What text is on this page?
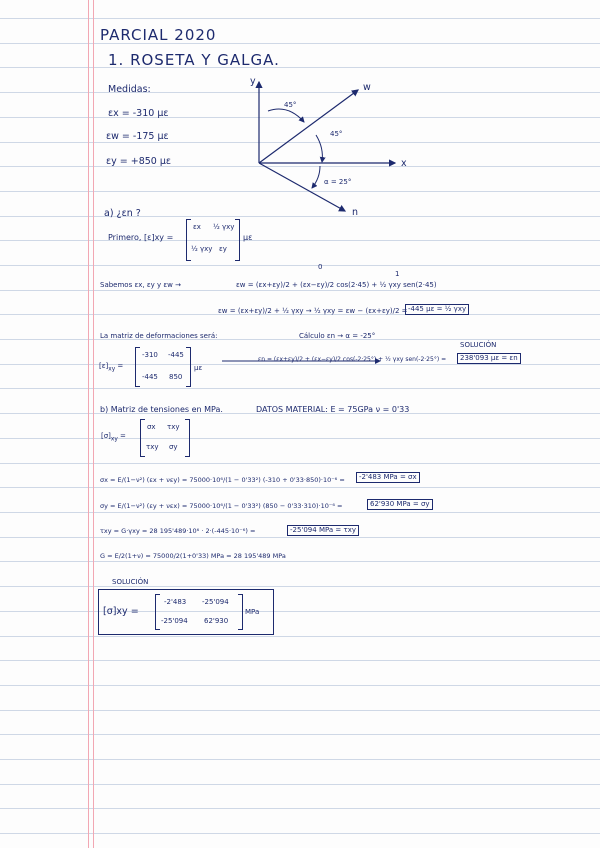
PARCIAL 2020
1. ROSETA Y GALGA.
Medidas:
εx = -310 με
εw = -175 με
εy = +850 με
y
x
w
n
45°
45°
α = 25°
a) ¿εn ?
Primero, [ε]xy =
εx ½ γxy
½ γxy εy
με
0
1
Sabemos εx, εy y εw →	εw = (εx+εy)/2 + (εx−εy)/2 cos(2·45) + ½ γxy sen(2·45)
εw = (εx+εy)/2 + ½ γxy → ½ γxy = εw − (εx+εy)/2 = -445 με = ½ γxy
La matriz de deformaciones será:	Cálculo εn → α = -25°
$[\varepsilon]_{xy}$ =
-310 -445
-445 850
με
SOLUCIÓN
εn = (εx+εy)/2 + (εx−εy)/2 cos(-2·25°) + ½ γxy sen(-2·25°) =	238'093 με = εn
b) Matriz de tensiones en MPa.	DATOS MATERIAL: E = 75GPa ν = 0'33
$[\sigma]_{xy}$ =
σx τxy
τxy σy
σx = E/(1−ν²) (εx + νεy) = 75000·10⁶/(1 − 0'33²) (-310 + 0'33·850)·10⁻⁶ =	-2'483 MPa = σx
σy = E/(1−ν²) (εy + νεx) = 75000·10⁶/(1 − 0'33²) (850 − 0'33·310)·10⁻⁶ =	62'930 MPa = σy
τxy = G·γxy = 28 195'489·10⁶ · 2·(-445·10⁻⁶) =	-25'094 MPa = τxy
G = E/2(1+ν) = 75000/2(1+0'33) MPa = 28 195'489 MPa
SOLUCIÓN
[σ]xy =
-2'483 -25'094
-25'094 62'930
MPa
